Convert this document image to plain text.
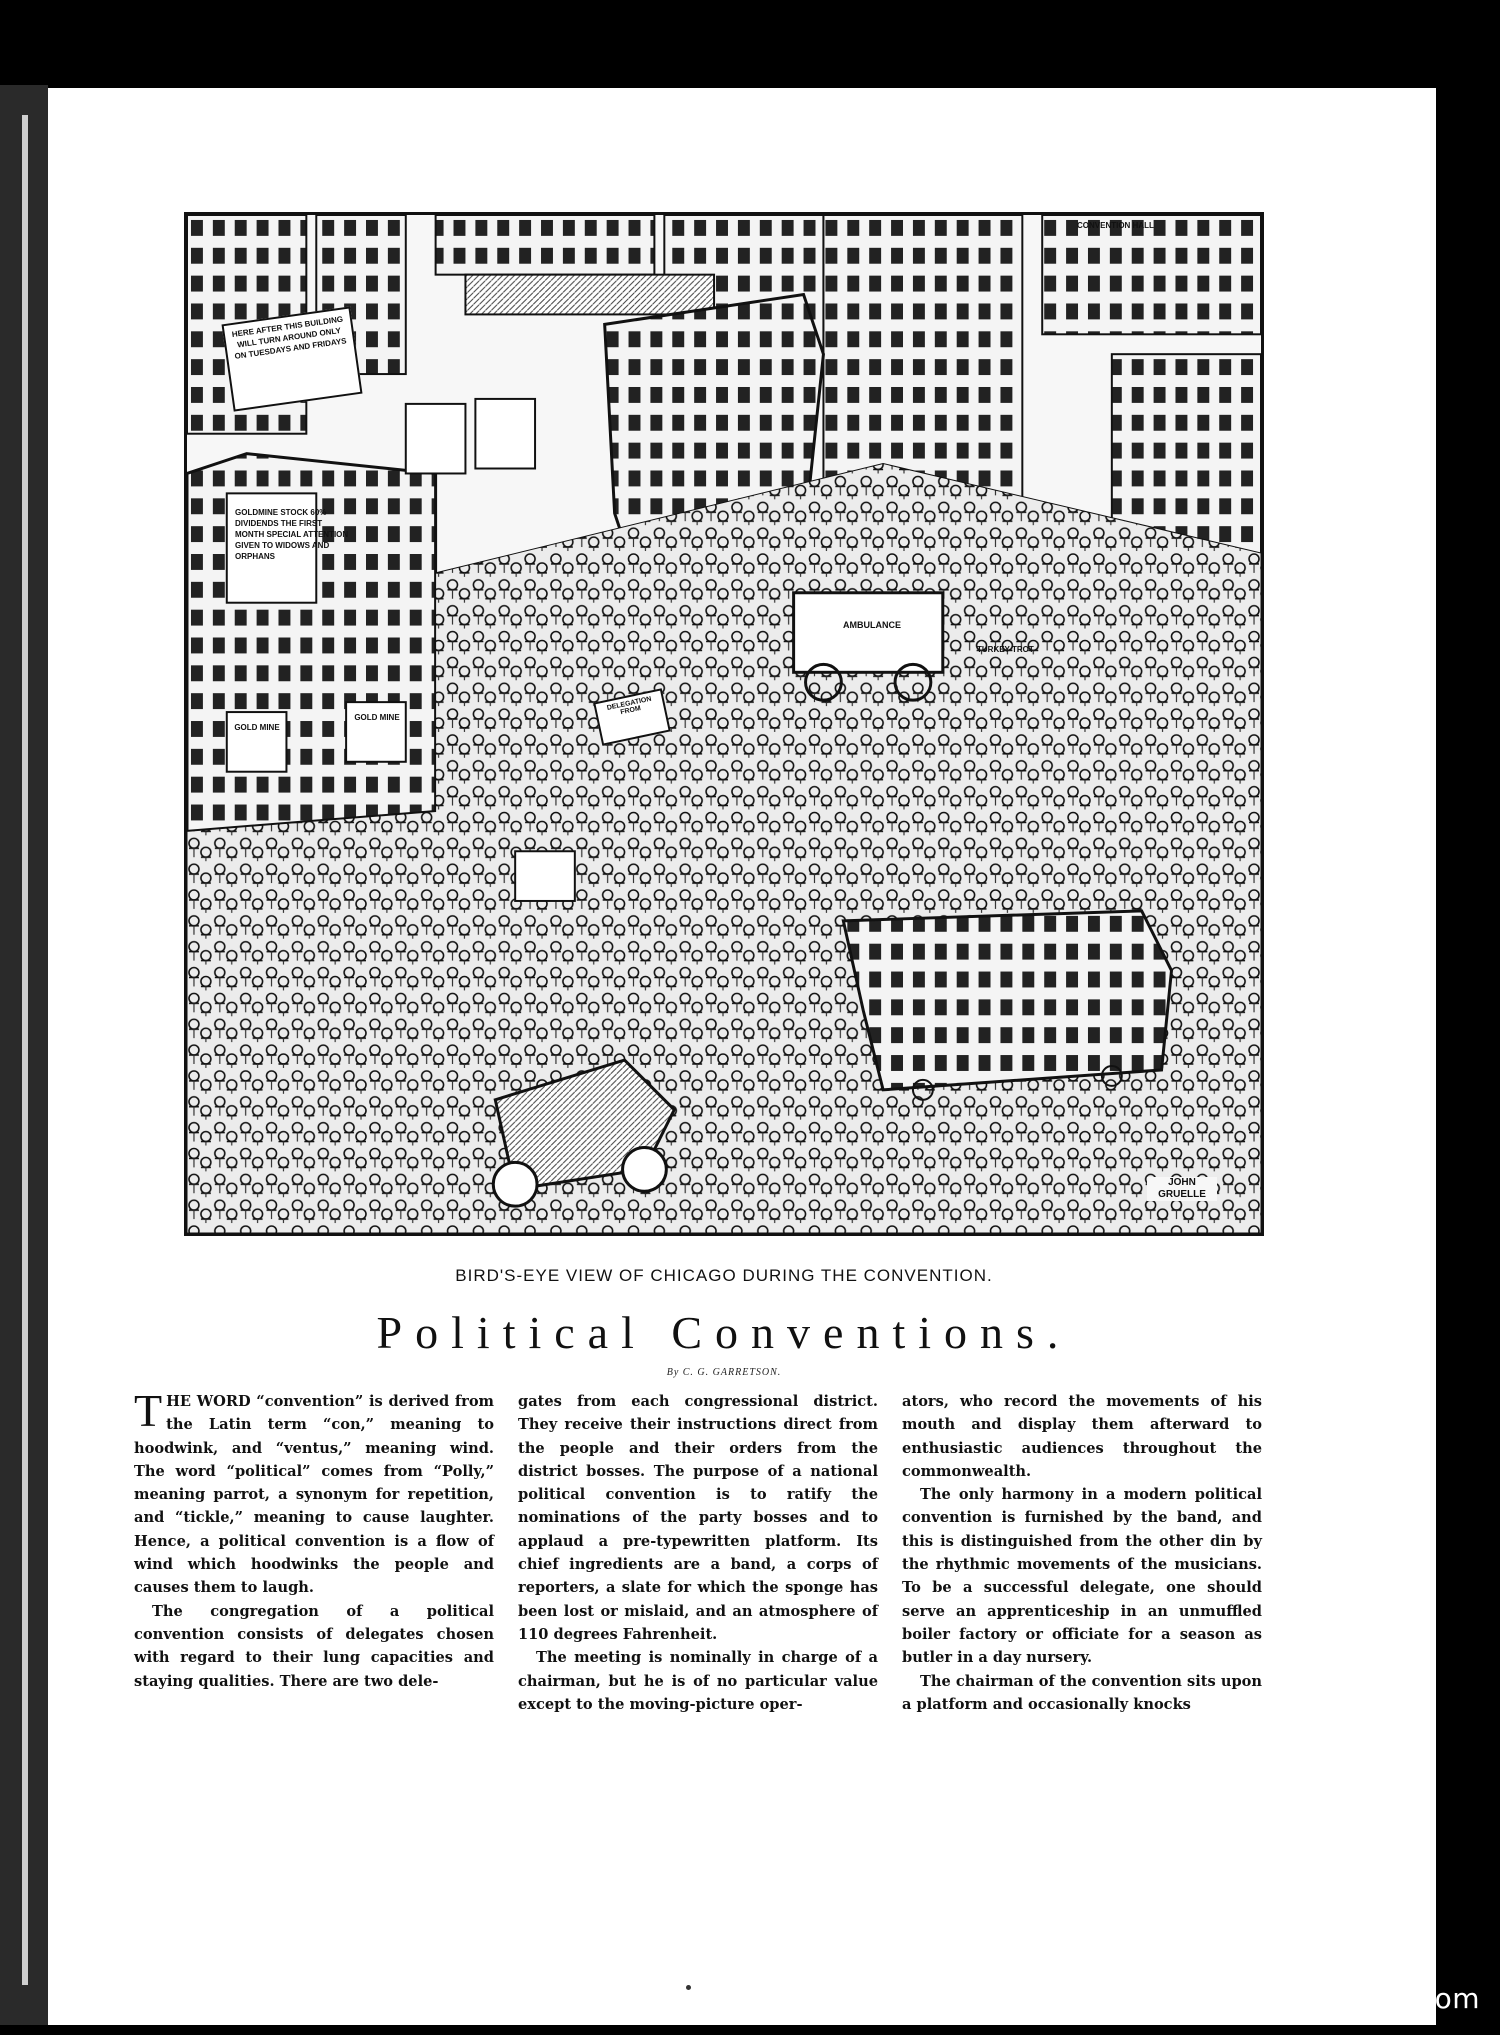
HERE AFTER THIS BUILDING WILL TURN AROUND ONLY ON TUESDAYS AND FRIDAYS
GOLDMINE STOCK 60% DIVIDENDS THE FIRST MONTH SPECIAL ATTENTION GIVEN TO WIDOWS AND ORPHANS
GOLD MINE
GOLD MINE
CONVENTION HALL
AMBULANCE
TURKEY TROT
DELEGATION FROM
JOHN GRUELLE
BIRD'S-EYE VIEW OF CHICAGO DURING THE CONVENTION.
Political Conventions.
By C. G. GARRETSON.

THE WORD “convention” is derived from the Latin term “con,” meaning to hoodwink, and “ventus,” meaning wind. The word “political” comes from “Polly,” meaning parrot, a synonym for repetition, and “tickle,” meaning to cause laughter. Hence, a political convention is a flow of wind which hoodwinks the people and causes them to laugh.

The congregation of a political convention consists of delegates chosen with regard to their lung capacities and staying qualities. There are two dele-

gates from each congressional district. They receive their instructions direct from the people and their orders from the district bosses. The purpose of a national political convention is to ratify the nominations of the party bosses and to applaud a pre-typewritten platform. Its chief ingredients are a band, a corps of reporters, a slate for which the sponge has been lost or mislaid, and an atmosphere of 110 degrees Fahrenheit.

The meeting is nominally in charge of a chairman, but he is of no particular value except to the moving-picture oper-

ators, who record the movements of his mouth and display them afterward to enthusiastic audiences throughout the commonwealth.

The only harmony in a modern political convention is furnished by the band, and this is distinguished from the other din by the rhythmic movements of the musicians. To be a successful delegate, one should serve an apprenticeship in an unmuffled boiler factory or officiate for a season as butler in a day nursery.

The chairman of the convention sits upon a platform and occasionally knocks

comicbooks.com
